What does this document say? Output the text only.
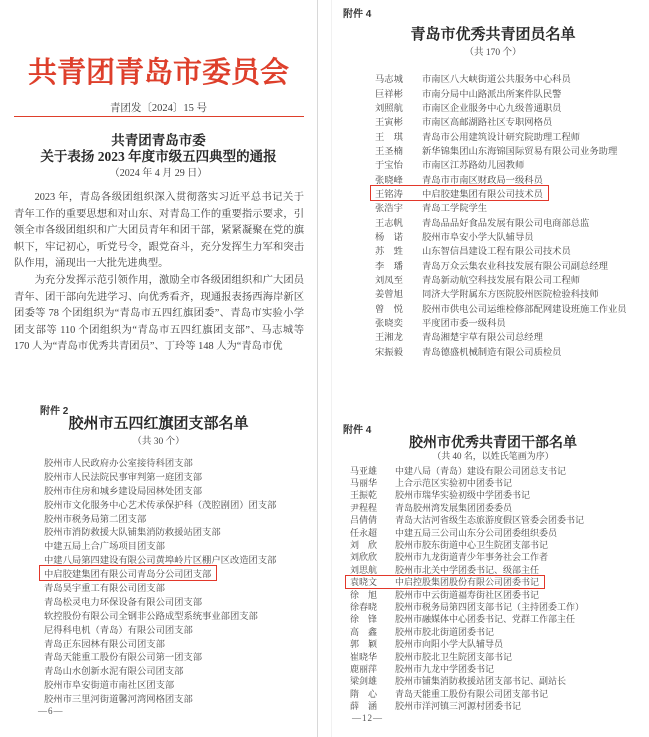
共青团青岛市委员会
青团发〔2024〕15 号
共青团青岛市委
关于表扬 2023 年度市级五四典型的通报
（2024 年 4 月 29 日）

2023 年，青岛各级团组织深入贯彻落实习近平总书记关于青年工作的重要思想和对山东、对青岛工作的重要指示要求，引领全市各级团组织和广大团员青年和团干部，紧紧凝聚在党的旗帜下，牢记初心，听党号令，跟党奋斗，充分发挥生力军和突击队作用，涌现出一大批先进典型。

为充分发挥示范引领作用，激励全市各级团组织和广大团员青年、团干部向先进学习、向优秀看齐，现通报表扬西海岸新区团委等 78 个团组织为“青岛市五四红旗团委”、青岛市实验小学团支部等 110 个团组织为“青岛市五四红旗团支部”、马志城等 170 人为“青岛市优秀共青团员”、丁玲等 148 人为“青岛市优

附件 4
青岛市优秀共青团员名单
（共 170 个）
马志城 市南区八大峡街道公共服务中心科员
巨祥彬 市南分局中山路派出所案件队民警
刘照航 市南区企业服务中心九级普通职员
王寅彬 市南区高邮湖路社区专职网格员
王　琪 青岛市公用建筑设计研究院助理工程师
王圣楠 新华锦集团山东海锦国际贸易有限公司业务助理
于宝怡 市南区江苏路幼儿园教师
张晓峰 青岛市市南区财政局一级科员
王铭涛 中启胶建集团有限公司技术员
张浩宇 青岛工学院学生
王志帆 青岛品品好食品发展有限公司电商部总监
杨　诺 胶州市阜安小学大队辅导员
苏　甡 山东智信昌建设工程有限公司技术员
李　璠 青岛万众云集农业科技发展有限公司副总经理
刘凤至 青岛新动航空科技发展有限公司工程师
姜曾旭 同济大学附属东方医院胶州医院检验科技师
曾　悦 胶州市供电公司运维检修部配网建设班施工作业员
张晓奕 平度团市委一级科员
王湘龙 青岛湘楚宇草有限公司总经理
宋振毅 青岛德盛机械制造有限公司质检员
附件 2
胶州市五四红旗团支部名单
（共 30 个）
胶州市人民政府办公室接待科团支部
胶州市人民法院民事审判第一庭团支部
胶州市住房和城乡建设局园林处团支部
胶州市文化服务中心艺术传承保护科（茂腔剧团）团支部
胶州市税务局第二团支部
胶州市消防救援大队铺集消防救援站团支部
中建五局上合广场项目团支部
中建八局第四建设有限公司黄埠岭片区棚户区改造团支部
中启胶建集团有限公司青岛分公司团支部
青岛昊宇重工有限公司团支部
青岛松灵电力环保设备有限公司团支部
软控股份有限公司全钢非公路成型系统事业部团支部
尼得科电机（青岛）有限公司团支部
青岛正东园林有限公司团支部
青岛天能重工股份有限公司第一团支部
青岛山水创新水泥有限公司团支部
胶州市阜安街道市南社区团支部
胶州市三里河街道馨河湾网格团支部
—6—
附件 4
胶州市优秀共青团干部名单
（共 40 名，以姓氏笔画为序）
马亚雄	中建八局（青岛）建设有限公司团总支书记
马丽华	上合示范区实验初中团委书记
王振乾	胶州市瑞华实验初级中学团委书记
尹程程	青岛胶州湾发展集团团委委员
吕倩倩	青岛大沽河省级生态旅游度假区管委会团委书记
任永超	中建五局三公司山东分公司团委组织委员
刘　欣	胶州市胶东街道中心卫生院团支部书记
刘欣欣	胶州市九龙街道青少年事务社会工作者
刘思航	胶州市北关中学团委书记、级部主任
袁晓文	中启控股集团股份有限公司团委书记
徐　旭	胶州市中云街道福寿街社区团委书记
徐春晓	胶州市税务局第四团支部书记（主持团委工作）
徐　锋	胶州市融媒体中心团委书记、党群工作部主任
高　鑫	胶州市胶北街道团委书记
郭　颖	胶州市向阳小学大队辅导员
崔晓华	胶州市胶北卫生院团支部书记
鹿丽萍	胶州市九龙中学团委书记
梁剑雄	胶州市铺集消防救援站团支部书记、副站长
隋　心	青岛天能重工股份有限公司团支部书记
薛　涵	胶州市洋河镇三河源村团委书记
—12—
